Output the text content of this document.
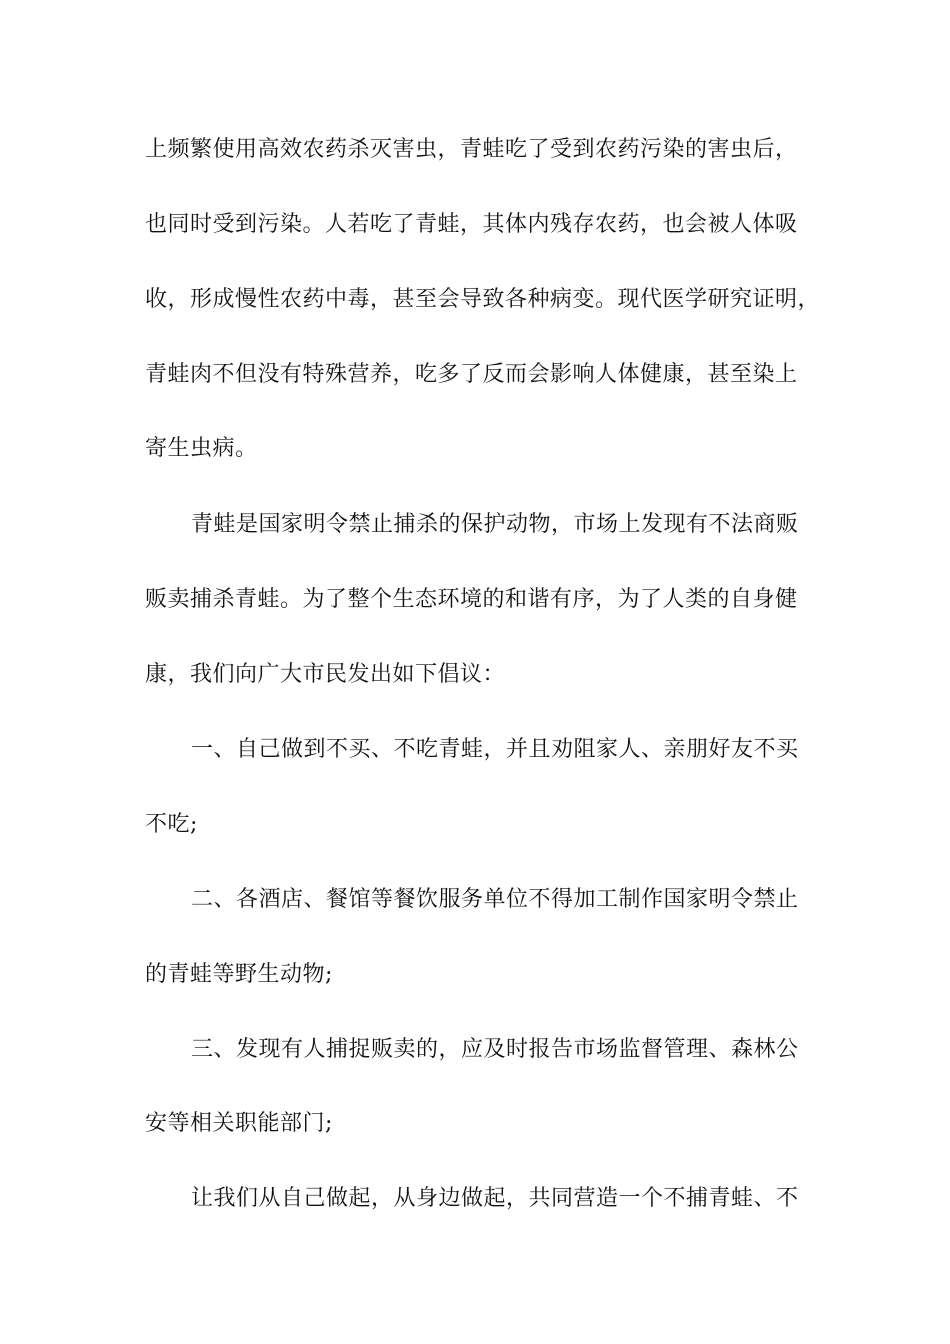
上频繁使用高效农药杀灭害虫，青蛙吃了受到农药污染的害虫后，
也同时受到污染。人若吃了青蛙，其体内残存农药，也会被人体吸
收，形成慢性农药中毒，甚至会导致各种病变。现代医学研究证明，
青蛙肉不但没有特殊营养，吃多了反而会影响人体健康，甚至染上
寄生虫病。
青蛙是国家明令禁止捕杀的保护动物，市场上发现有不法商贩
贩卖捕杀青蛙。为了整个生态环境的和谐有序，为了人类的自身健
康，我们向广大市民发出如下倡议：
一、自己做到不买、不吃青蛙，并且劝阻家人、亲朋好友不买
不吃;
二、各酒店、餐馆等餐饮服务单位不得加工制作国家明令禁止
的青蛙等野生动物;
三、发现有人捕捉贩卖的，应及时报告市场监督管理、森林公
安等相关职能部门;
让我们从自己做起，从身边做起，共同营造一个不捕青蛙、不
